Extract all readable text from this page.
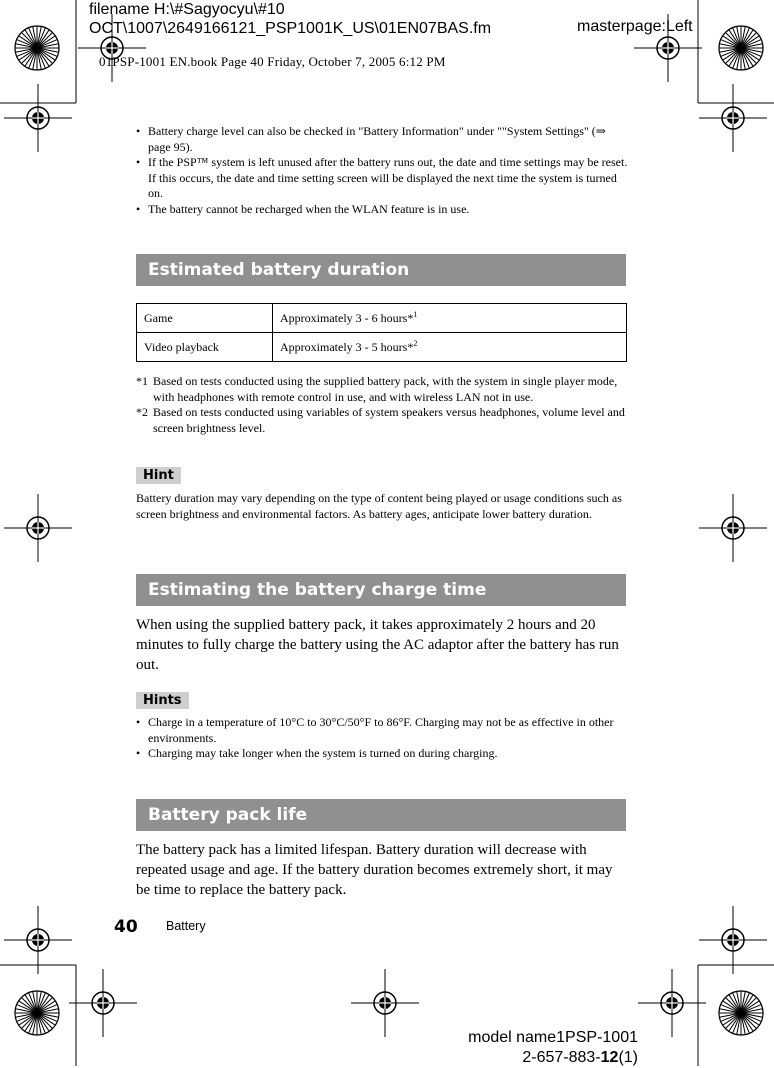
filename H:\#Sagyocyu\#10
OCT\1007\2649166121_PSP1001K_US\01EN07BAS.fm	masterpage:Left
01PSP-1001 EN.book Page 40 Friday, October 7, 2005 6:12 PM
• Battery charge level can also be checked in "Battery Information" under ""System Settings" (⇒ page 95).
• If the PSP™ system is left unused after the battery runs out, the date and time settings may be reset. If this occurs, the date and time setting screen will be displayed the next time the system is turned on.
• The battery cannot be recharged when the WLAN feature is in use.
Estimated battery duration
Game	Approximately 3 - 6 hours*$^1$
Video playback	Approximately 3 - 5 hours*$^2$
*1 Based on tests conducted using the supplied battery pack, with the system in single player mode, with headphones with remote control in use, and with wireless LAN not in use.
*2 Based on tests conducted using variables of system speakers versus headphones, volume level and screen brightness level.
Hint
Battery duration may vary depending on the type of content being played or usage conditions such as screen brightness and environmental factors. As battery ages, anticipate lower battery duration.
Estimating the battery charge time
When using the supplied battery pack, it takes approximately 2 hours and 20 minutes to fully charge the battery using the AC adaptor after the battery has run out.
Hints
• Charge in a temperature of 10°C to 30°C/50°F to 86°F. Charging may not be as effective in other environments.
• Charging may take longer when the system is turned on during charging.
Battery pack life
The battery pack has a limited lifespan. Battery duration will decrease with repeated usage and age. If the battery duration becomes extremely short, it may be time to replace the battery pack.
40 Battery
model name1PSP-1001
2-657-883-12(1)
